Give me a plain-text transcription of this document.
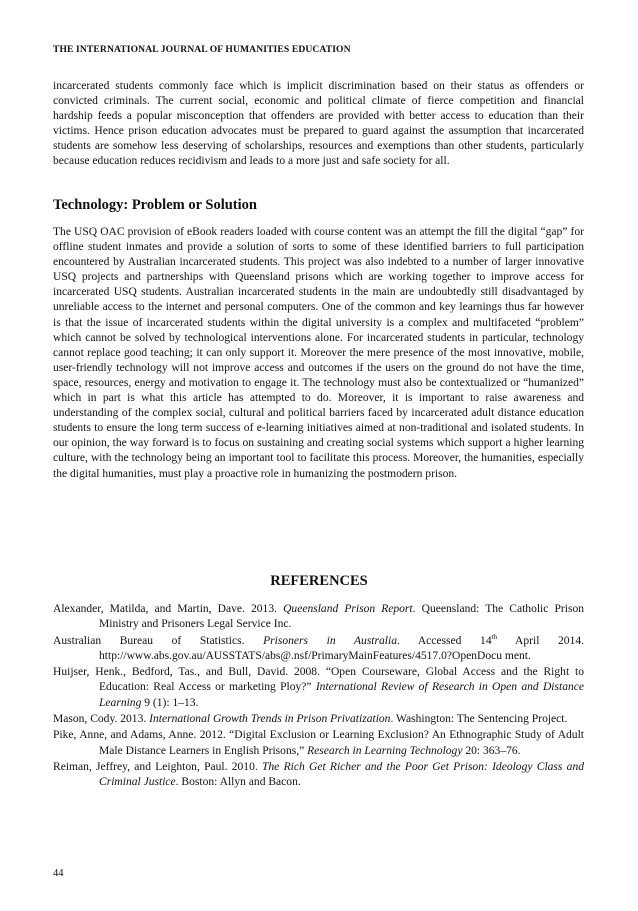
THE INTERNATIONAL JOURNAL OF HUMANITIES EDUCATION

incarcerated students commonly face which is implicit discrimination based on their status as offenders or convicted criminals. The current social, economic and political climate of fierce competition and financial hardship feeds a popular misconception that offenders are provided with better access to education than their victims. Hence prison education advocates must be prepared to guard against the assumption that incarcerated students are somehow less deserving of scholarships, resources and exemptions than other students, particularly because education reduces recidivism and leads to a more just and safe society for all.

Technology: Problem or Solution

The USQ OAC provision of eBook readers loaded with course content was an attempt the fill the digital “gap” for offline student inmates and provide a solution of sorts to some of these identified barriers to full participation encountered by Australian incarcerated students. This project was also indebted to a number of larger innovative USQ projects and partnerships with Queensland prisons which are working together to improve access for incarcerated USQ students. Australian incarcerated students in the main are undoubtedly still disadvantaged by unreliable access to the internet and personal computers. One of the common and key learnings thus far however is that the issue of incarcerated students within the digital university is a complex and multifaceted “problem” which cannot be solved by technological interventions alone. For incarcerated students in particular, technology cannot replace good teaching; it can only support it. Moreover the mere presence of the most innovative, mobile, user-friendly technology will not improve access and outcomes if the users on the ground do not have the time, space, resources, energy and motivation to engage it. The technology must also be contextualized or “humanized” which in part is what this article has attempted to do. Moreover, it is important to raise awareness and understanding of the complex social, cultural and political barriers faced by incarcerated adult distance education students to ensure the long term success of e-learning initiatives aimed at non-traditional and isolated students. In our opinion, the way forward is to focus on sustaining and creating social systems which support a higher learning culture, with the technology being an important tool to facilitate this process. Moreover, the humanities, especially the digital humanities, must play a proactive role in humanizing the postmodern prison.

REFERENCES

Alexander, Matilda, and Martin, Dave. 2013. Queensland Prison Report. Queensland: The Catholic Prison Ministry and Prisoners Legal Service Inc.

Australian Bureau of Statistics. Prisoners in Australia. Accessed 14th April 2014. http://www.abs.gov.au/AUSSTATS/abs@.nsf/PrimaryMainFeatures/4517.0?OpenDocu ment.

Huijser, Henk., Bedford, Tas., and Bull, David. 2008. “Open Courseware, Global Access and the Right to Education: Real Access or marketing Ploy?” International Review of Research in Open and Distance Learning 9 (1): 1–13.

Mason, Cody. 2013. International Growth Trends in Prison Privatization. Washington: The Sentencing Project.

Pike, Anne, and Adams, Anne. 2012. “Digital Exclusion or Learning Exclusion? An Ethnographic Study of Adult Male Distance Learners in English Prisons,” Research in Learning Technology 20: 363–76.

Reiman, Jeffrey, and Leighton, Paul. 2010. The Rich Get Richer and the Poor Get Prison: Ideology Class and Criminal Justice. Boston: Allyn and Bacon.

44
